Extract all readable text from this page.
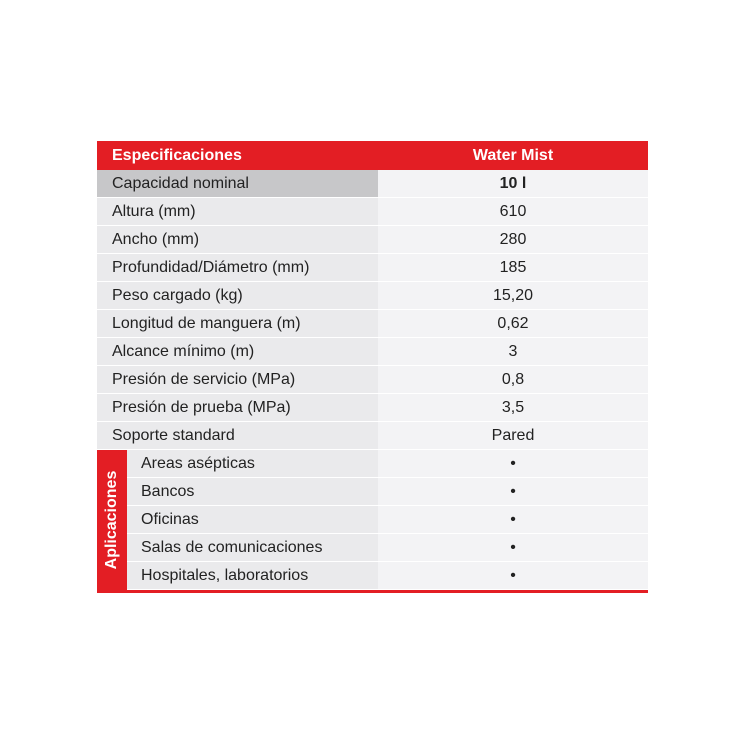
Especificaciones		Water Mist
Capacidad nominal		10 l
Altura (mm)		610
Ancho (mm)		280
Profundidad/Diámetro (mm)		185
Peso cargado (kg)		15,20
Longitud de manguera (m)		0,62
Alcance mínimo (m)		3
Presión de servicio (MPa)		0,8
Presión de prueba (MPa)		3,5
Soporte standard		Pared

Aplicaciones	Areas asépticas	•
	Bancos	•
	Oficinas	•
	Salas de comunicaciones	•
	Hospitales, laboratorios	•
